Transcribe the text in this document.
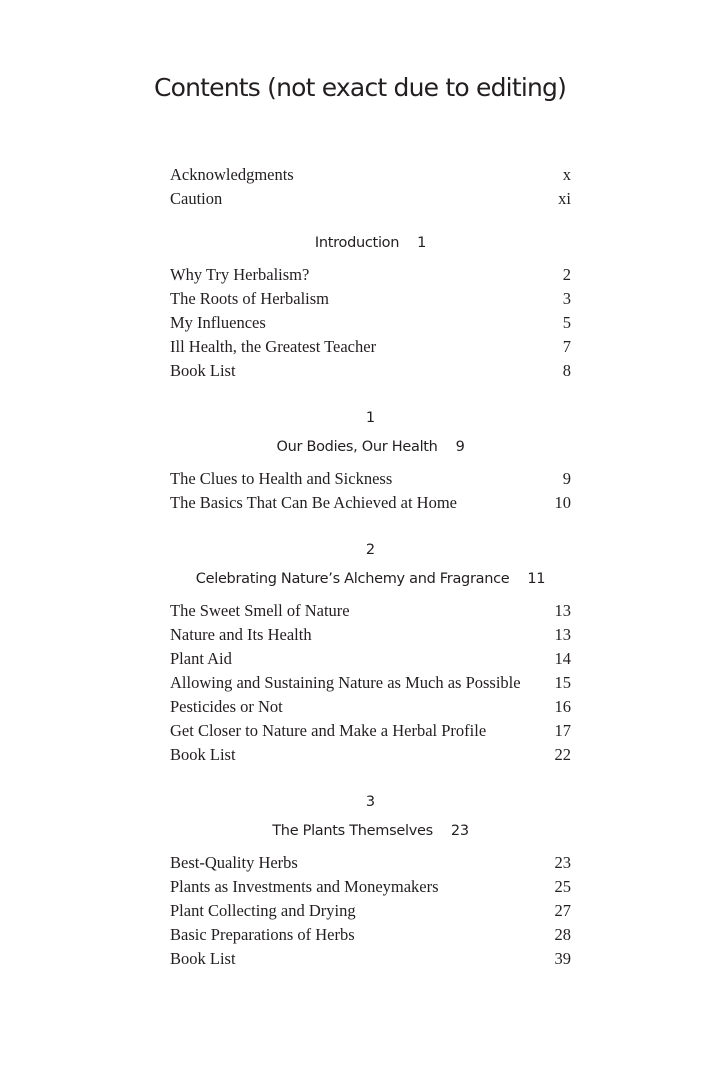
Contents (not exact due to editing)
Acknowledgments	x
Caution	xi
Introduction 1
Why Try Herbalism?	2
The Roots of Herbalism	3
My Influences	5
Ill Health, the Greatest Teacher	7
Book List	8
1
Our Bodies, Our Health 9
The Clues to Health and Sickness	9
The Basics That Can Be Achieved at Home	10
2
Celebrating Nature’s Alchemy and Fragrance 11
The Sweet Smell of Nature	13
Nature and Its Health	13
Plant Aid	14
Allowing and Sustaining Nature as Much as Possible 15
Pesticides or Not	16
Get Closer to Nature and Make a Herbal Profile	17
Book List	22
3
The Plants Themselves 23
Best-Quality Herbs	23
Plants as Investments and Moneymakers	25
Plant Collecting and Drying	27
Basic Preparations of Herbs	28
Book List	39
